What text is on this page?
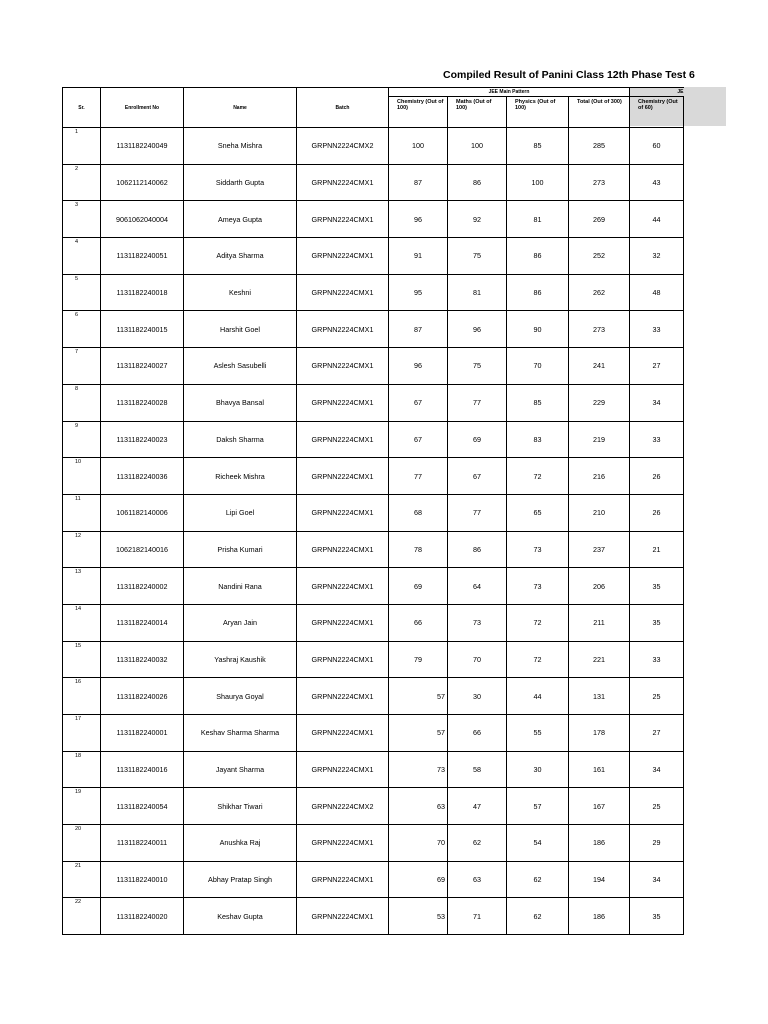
Compiled Result of Panini Class 12th Phase Test 6
Sr.	Enrollment No	Name	Batch	JEE Main Pattern				JE
				Chemistry (Out of 100)	Maths (Out of 100)	Physics (Out of 100)	Total (Out of 300)	Chemistry (Out of 60)

1	1131182240049	Sneha Mishra	GRPNN2224CMX2	100	100	85	285	60

2	1062112140062	Siddarth Gupta	GRPNN2224CMX1	87	86	100	273	43

3	9061062040004	Ameya Gupta	GRPNN2224CMX1	96	92	81	269	44

4	1131182240051	Aditya Sharma	GRPNN2224CMX1	91	75	86	252	32

5	1131182240018	Keshni	GRPNN2224CMX1	95	81	86	262	48

6	1131182240015	Harshit Goel	GRPNN2224CMX1	87	96	90	273	33

7	1131182240027	Aslesh Sasubelli	GRPNN2224CMX1	96	75	70	241	27

8	1131182240028	Bhavya Bansal	GRPNN2224CMX1	67	77	85	229	34

9	1131182240023	Daksh Sharma	GRPNN2224CMX1	67	69	83	219	33

10	1131182240036	Richeek Mishra	GRPNN2224CMX1	77	67	72	216	26

11	1061182140006	Lipi Goel	GRPNN2224CMX1	68	77	65	210	26

12	1062182140016	Prisha Kumari	GRPNN2224CMX1	78	86	73	237	21

13	1131182240002	Nandini Rana	GRPNN2224CMX1	69	64	73	206	35

14	1131182240014	Aryan Jain	GRPNN2224CMX1	66	73	72	211	35

15	1131182240032	Yashraj Kaushik	GRPNN2224CMX1	79	70	72	221	33

16	1131182240026	Shaurya Goyal	GRPNN2224CMX1	57	30	44	131	25

17	1131182240001	Keshav Sharma Sharma	GRPNN2224CMX1	57	66	55	178	27

18	1131182240016	Jayant Sharma	GRPNN2224CMX1	73	58	30	161	34

19	1131182240054	Shikhar Tiwari	GRPNN2224CMX2	63	47	57	167	25

20	1131182240011	Anushka Raj	GRPNN2224CMX1	70	62	54	186	29

21	1131182240010	Abhay Pratap Singh	GRPNN2224CMX1	69	63	62	194	34

22	1131182240020	Keshav Gupta	GRPNN2224CMX1	53	71	62	186	35
